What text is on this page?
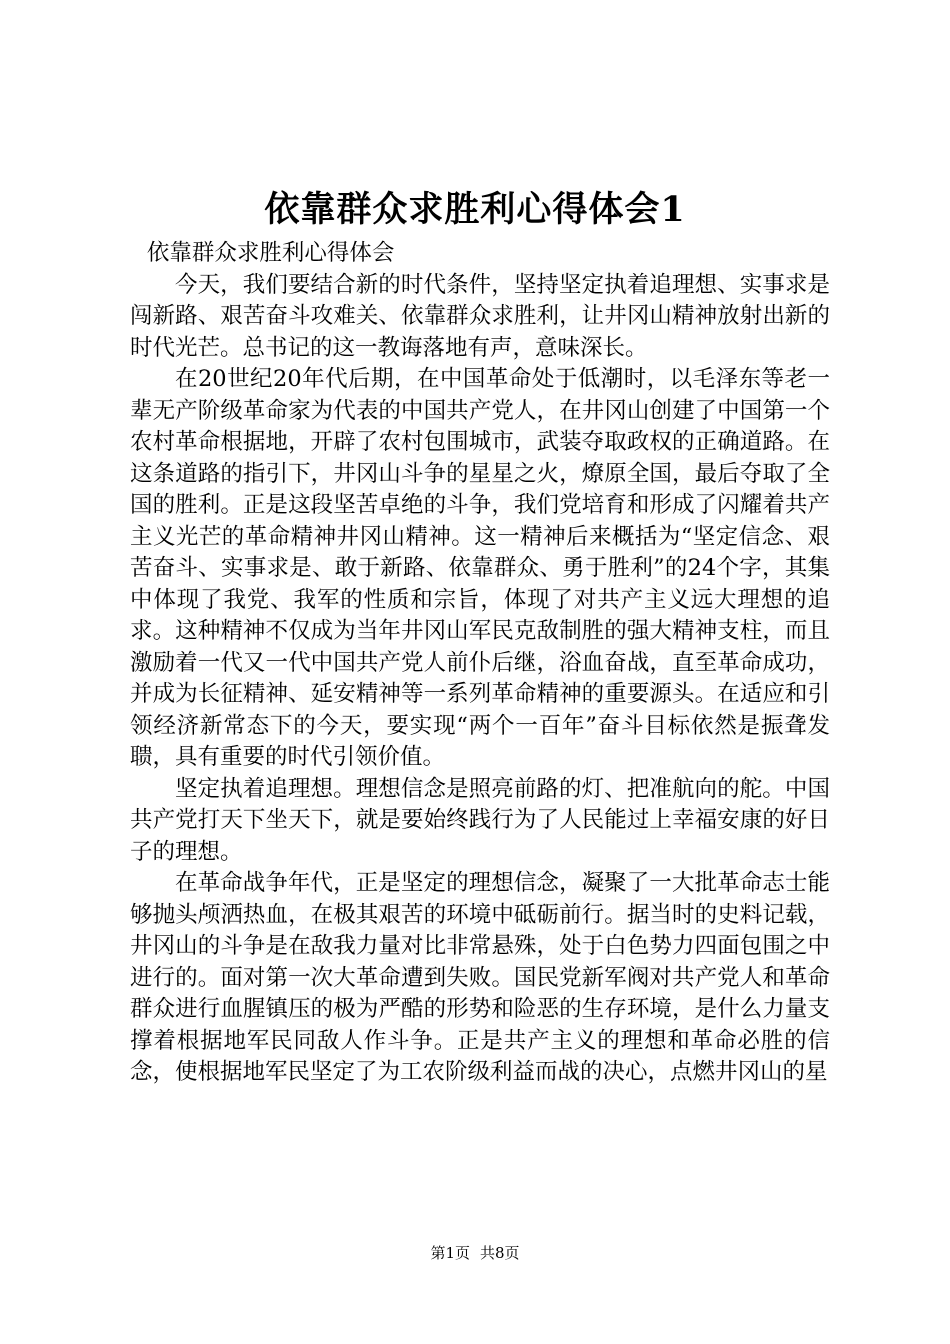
依靠群众求胜利心得体会1

依靠群众求胜利心得体会

今天，我们要结合新的时代条件，坚持坚定执着追理想、实事求是闯新路、艰苦奋斗攻难关、依靠群众求胜利，让井冈山精神放射出新的时代光芒。总书记的这一教诲落地有声，意味深长。

在20世纪20年代后期，在中国革命处于低潮时，以毛泽东等老一辈无产阶级革命家为代表的中国共产党人，在井冈山创建了中国第一个农村革命根据地，开辟了农村包围城市，武装夺取政权的正确道路。在这条道路的指引下，井冈山斗争的星星之火，燎原全国，最后夺取了全国的胜利。正是这段坚苦卓绝的斗争，我们党培育和形成了闪耀着共产主义光芒的革命精神井冈山精神。这一精神后来概括为“坚定信念、艰苦奋斗、实事求是、敢于新路、依靠群众、勇于胜利”的24个字，其集中体现了我党、我军的性质和宗旨，体现了对共产主义远大理想的追求。这种精神不仅成为当年井冈山军民克敌制胜的强大精神支柱，而且激励着一代又一代中国共产党人前仆后继，浴血奋战，直至革命成功，并成为长征精神、延安精神等一系列革命精神的重要源头。在适应和引领经济新常态下的今天，要实现“两个一百年”奋斗目标依然是振聋发聩，具有重要的时代引领价值。

坚定执着追理想。理想信念是照亮前路的灯、把准航向的舵。中国共产党打天下坐天下，就是要始终践行为了人民能过上幸福安康的好日子的理想。

在革命战争年代，正是坚定的理想信念，凝聚了一大批革命志士能够抛头颅洒热血，在极其艰苦的环境中砥砺前行。据当时的史料记载，井冈山的斗争是在敌我力量对比非常悬殊，处于白色势力四面包围之中进行的。面对第一次大革命遭到失败。国民党新军阀对共产党人和革命群众进行血腥镇压的极为严酷的形势和险恶的生存环境，是什么力量支撑着根据地军民同敌人作斗争。正是共产主义的理想和革命必胜的信念，使根据地军民坚定了为工农阶级利益而战的决心，点燃井冈山的星

第1页 共8页
